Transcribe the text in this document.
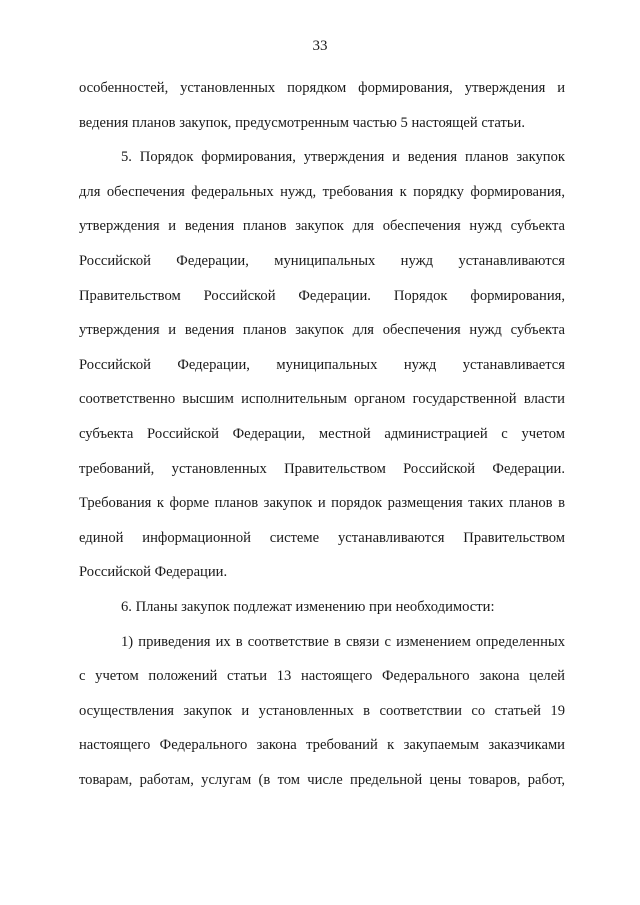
33
особенностей, установленных порядком формирования, утверждения и
ведения планов закупок, предусмотренным частью 5 настоящей статьи.
5. Порядок формирования, утверждения и ведения планов закупок
для обеспечения федеральных нужд, требования к порядку формирования,
утверждения и ведения планов закупок для обеспечения нужд субъекта
Российской Федерации, муниципальных нужд устанавливаются
Правительством Российской Федерации. Порядок формирования,
утверждения и ведения планов закупок для обеспечения нужд субъекта
Российской Федерации, муниципальных нужд устанавливается
соответственно высшим исполнительным органом государственной власти
субъекта Российской Федерации, местной администрацией с учетом
требований, установленных Правительством Российской Федерации.
Требования к форме планов закупок и порядок размещения таких планов в
единой информационной системе устанавливаются Правительством
Российской Федерации.
6. Планы закупок подлежат изменению при необходимости:
1) приведения их в соответствие в связи с изменением определенных
с учетом положений статьи 13 настоящего Федерального закона целей
осуществления закупок и установленных в соответствии со статьей 19
настоящего Федерального закона требований к закупаемым заказчиками
товарам, работам, услугам (в том числе предельной цены товаров, работ,
